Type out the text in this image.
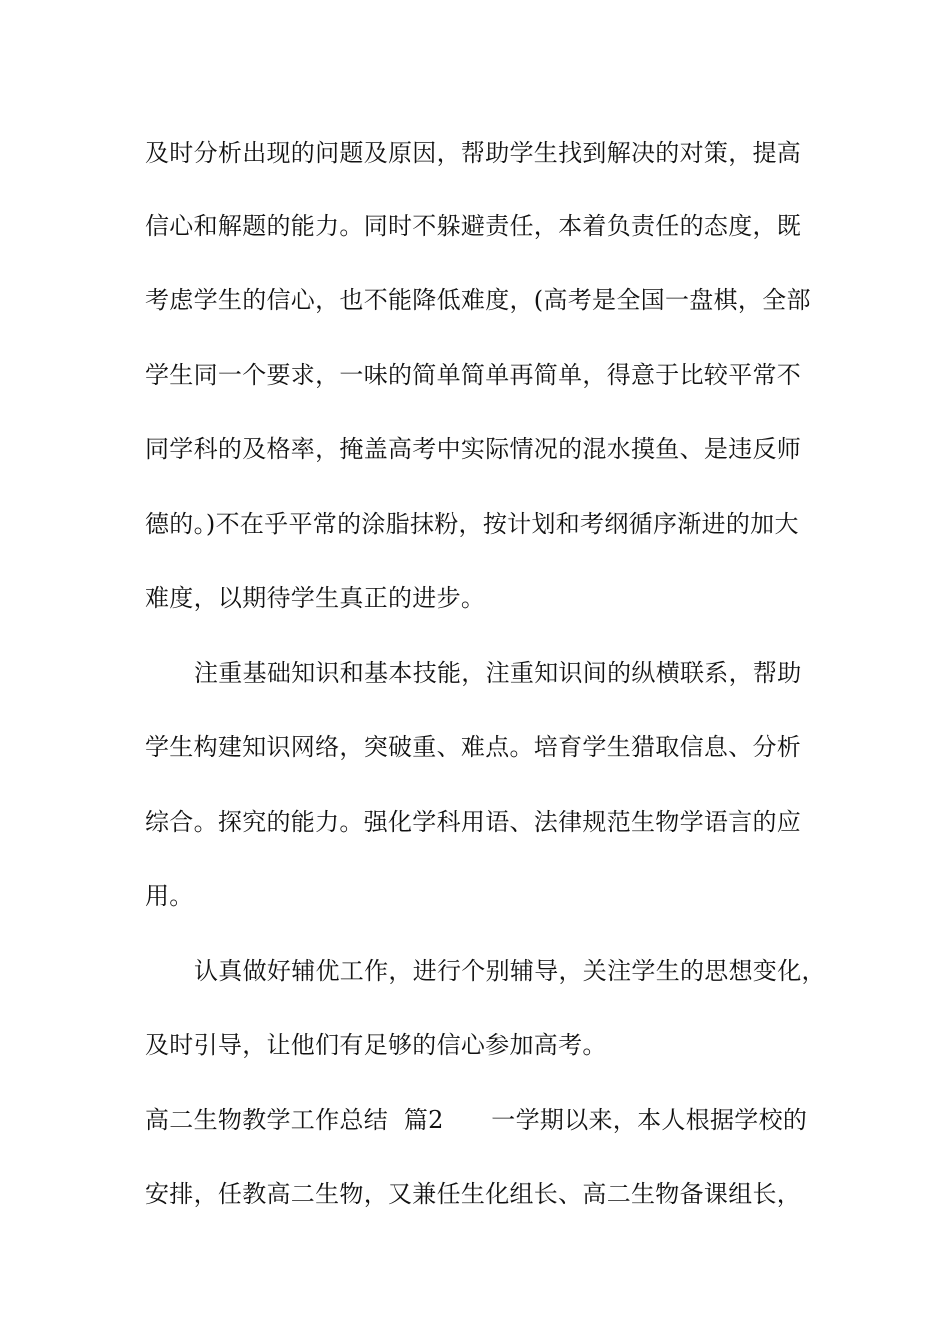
及时分析出现的问题及原因，帮助学生找到解决的对策，提高
信心和解题的能力。同时不躲避责任，本着负责任的态度，既
考虑学生的信心，也不能降低难度，(高考是全国一盘棋，全部
学生同一个要求，一味的简单简单再简单，得意于比较平常不
同学科的及格率，掩盖高考中实际情况的混水摸鱼、是违反师
德的。)不在乎平常的涂脂抹粉，按计划和考纲循序渐进的加大
难度，以期待学生真正的进步。
注重基础知识和基本技能，注重知识间的纵横联系，帮助
学生构建知识网络，突破重、难点。培育学生猎取信息、分析
综合。探究的能力。强化学科用语、法律规范生物学语言的应
用。
认真做好辅优工作，进行个别辅导，关注学生的思想变化，
及时引导，让他们有足够的信心参加高考。
高二生物教学工作总结  篇2      一学期以来，本人根据学校的
安排，任教高二生物，又兼任生化组长、高二生物备课组长，
